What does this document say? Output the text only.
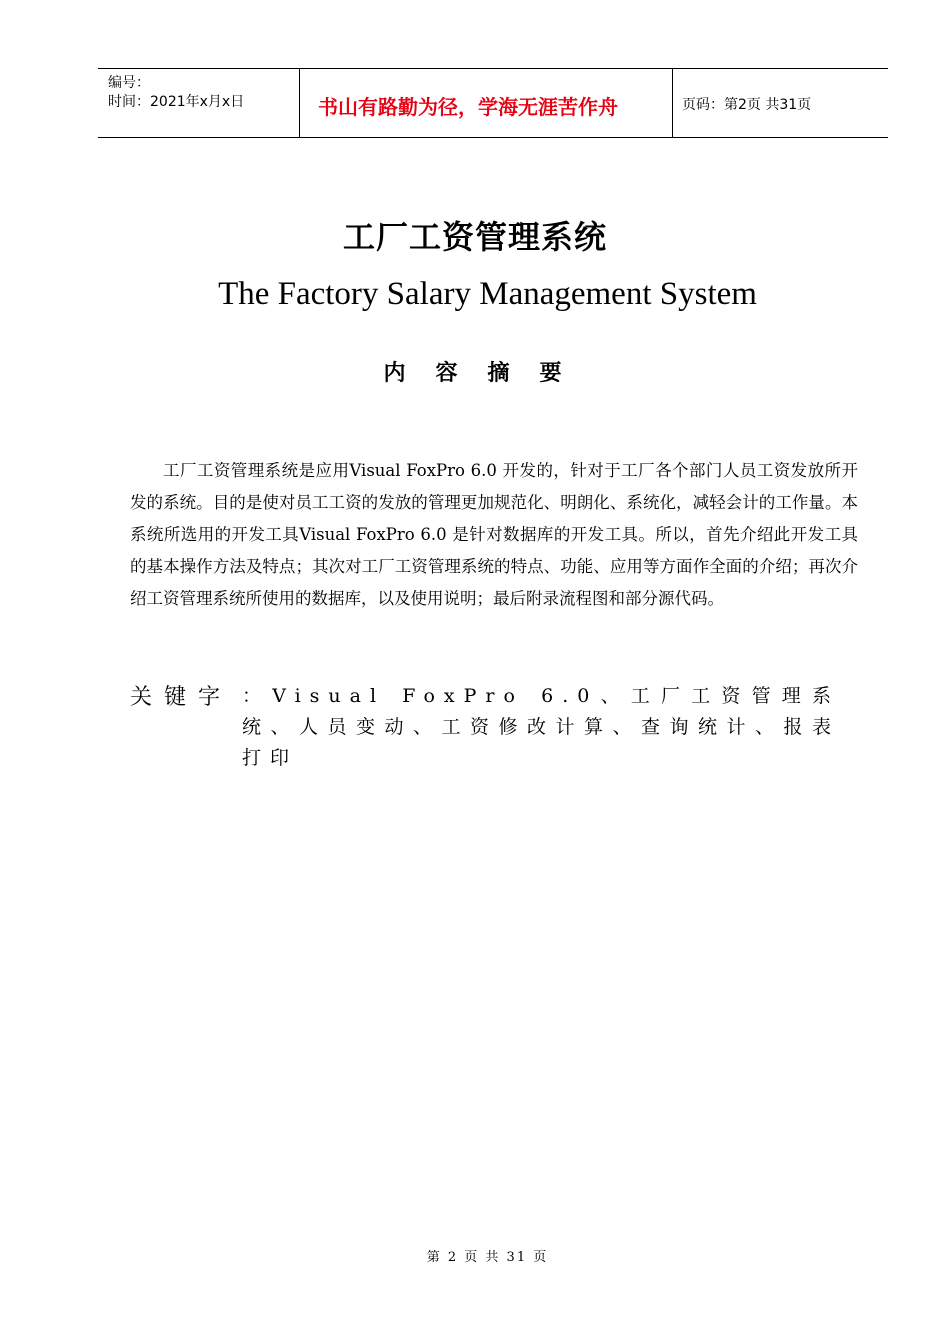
编号：
时间：2021年x月x日	书山有路勤为径，学海无涯苦作舟	页码：第2页 共31页
工厂工资管理系统
The Factory Salary Management System
内容摘要
工厂工资管理系统是应用Visual FoxPro 6.0 开发的，针对于工厂各个部门人员工资发放所开发的系统。目的是使对员工工资的发放的管理更加规范化、明朗化、系统化，减轻会计的工作量。本系统所选用的开发工具Visual FoxPro 6.0 是针对数据库的开发工具。所以，首先介绍此开发工具的基本操作方法及特点；其次对工厂工资管理系统的特点、功能、应用等方面作全面的介绍；再次介绍工资管理系统所使用的数据库，以及使用说明；最后附录流程图和部分源代码。
关键字 ：Visual FoxPro 6.0、工厂工资管理系统、人员变动、工资修改计算、查询统计、报表打印
第 2 页 共 31 页
